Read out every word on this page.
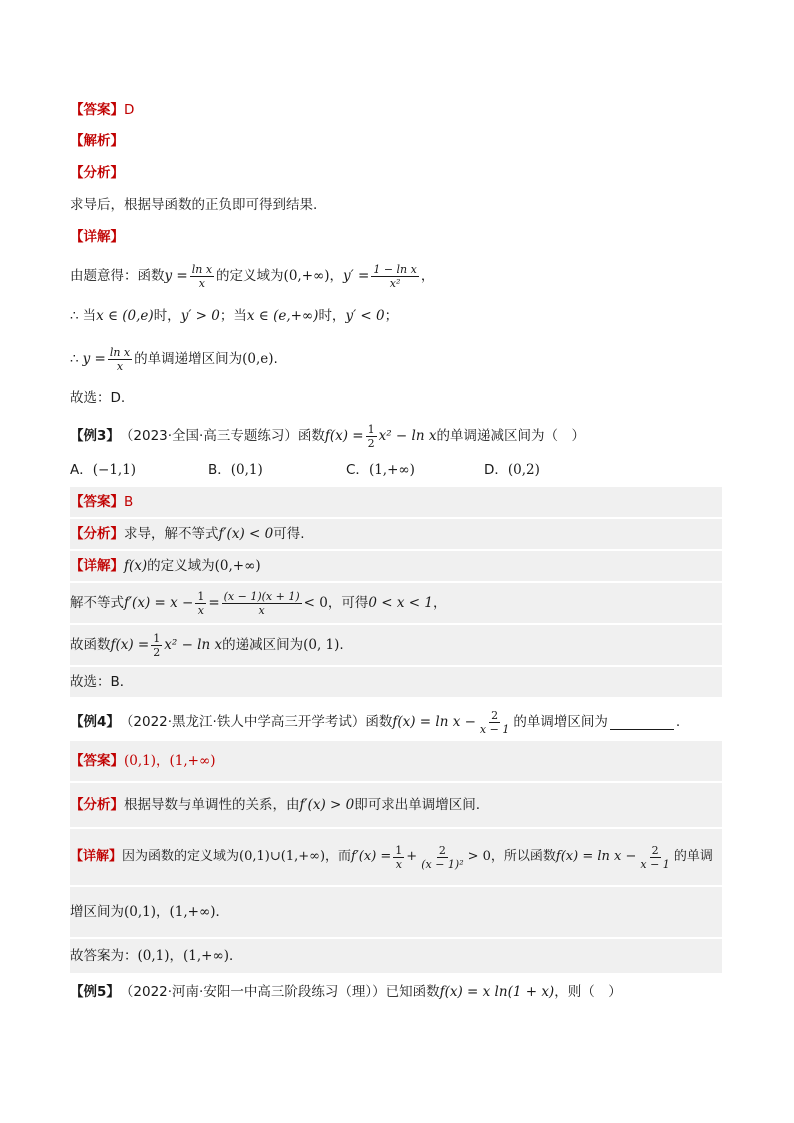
【答案】 D
【解析】
【分析】
求导后，根据导函数的正负即可得到结果.
【详解】
由题意得：函数 $y = \frac{\text{ln x}}{x}$ 的定义域为 (0,+∞) ， $y' = \frac{\text{1 − ln x}}{\text{x²}}$ ，
∴ 当 x ∈ (0,e) 时， y′ > 0 ；当 x ∈ (e,+∞) 时， y′ < 0 ；
∴ $y = \frac{\text{ln x}}{x}$ 的单调递增区间为 (0,e) .
故选：D.
【例3】 （2023·全国·高三专题练习）函数 $f(x) = \frac{1}{2} x^2 - \ln x$ 的单调递减区间为（　）
A．(−1,1)	B．(0,1)	C．(1,+∞)	D．(0,2)
【答案】 B
【分析】 求导，解不等式 f′(x) < 0 可得.
【详解】 f(x) 的定义域为 (0,+∞)
解不等式 $f'(x) = x - \frac{1}{x} = \frac{(x - 1)(x + 1)}{x} < 0$ ，可得 0 < x < 1 ，
故函数 $f(x) = \frac{1}{2} x^2 - \ln x$ 的递减区间为 (0, 1) .
故选：B．
【例4】 （2022·黑龙江·铁人中学高三开学考试）函数 $f(x) = \ln x - \frac{2}{x - 1}$ 的单调增区间为	.
【答案】 (0,1)，(1,+∞)
【分析】 根据导数与单调性的关系，由 f′(x) > 0 即可求出单调增区间.
【详解】 因为函数的定义域为 (0,1)∪(1,+∞) ，而 $f'(x) = \frac{1}{x} + \frac{2}{\text{(x − 1)²}} > 0$ ，所以函数 $f(x) = \ln x - \frac{2}{x - 1}$ 的单调
增区间为 (0,1)，(1,+∞) ．
故答案为： (0,1)，(1,+∞) ．
【例5】 （2022·河南·安阳一中高三阶段练习（理））已知函数 f(x) = x ln(1 + x) ，则（　）
